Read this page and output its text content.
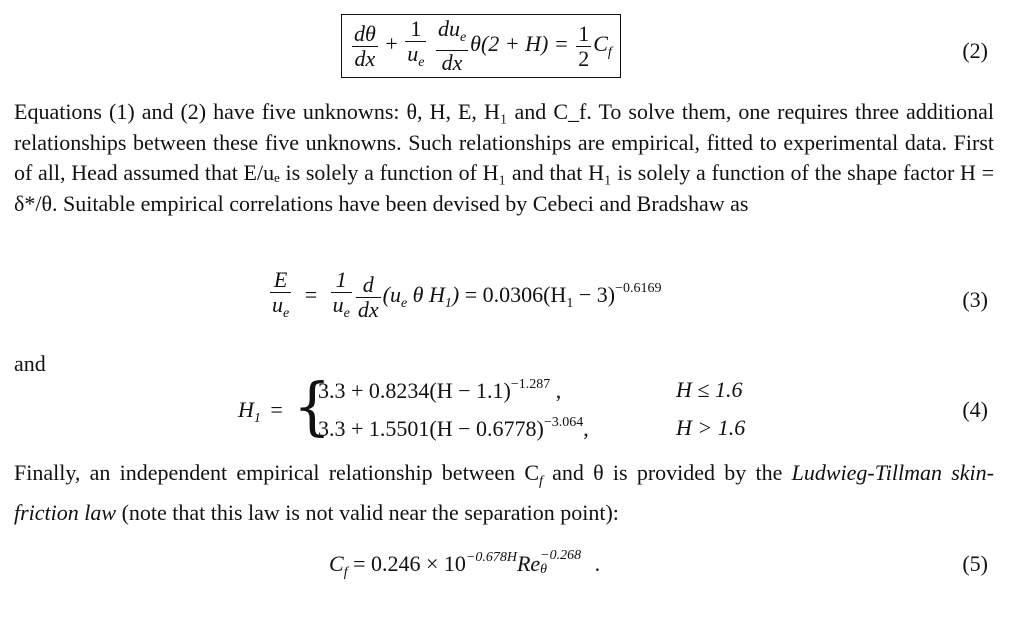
$\frac{d\theta}{dx} + \frac{1}{u_e}$
$\frac{du_e}{dx} \theta(2 + H) = \frac{1}{2} C_f$	(2)

Equations (1) and (2) have five unknowns: θ, H, E, H₁ and C_f. To solve them, one requires three additional relationships between these five unknowns. Such relationships are empirical, fitted to experimental data. First of all, Head assumed that E/uₑ is solely a function of H₁ and that H₁ is solely a function of the shape factor H = δ*/θ. Suitable empirical correlations have been devised by Cebeci and Bradshaw as

$\frac{E}{u_e} = \frac{1}{u_e} \frac{d}{dx} (u_e$ θ $H_1) = 0.0306(H_1 - 3)^{-0.6169}$	(3)

and

$H_1$ = {
$3.3 + 0.8234(H - 1.1)^{-1.287}$ ,	H ≤ 1.6
$3.3 + 1.5501(H - 0.6778)^{-3.064}$,	H > 1.6
(4)

Finally, an independent empirical relationship between $C_f$ and θ is provided by the Ludwieg-Tillman skin-friction law (note that this law is not valid near the separation point):

$C_f = 0.246 \times 10^{-0.678H}Re -0.268$
θ	.	(5)
